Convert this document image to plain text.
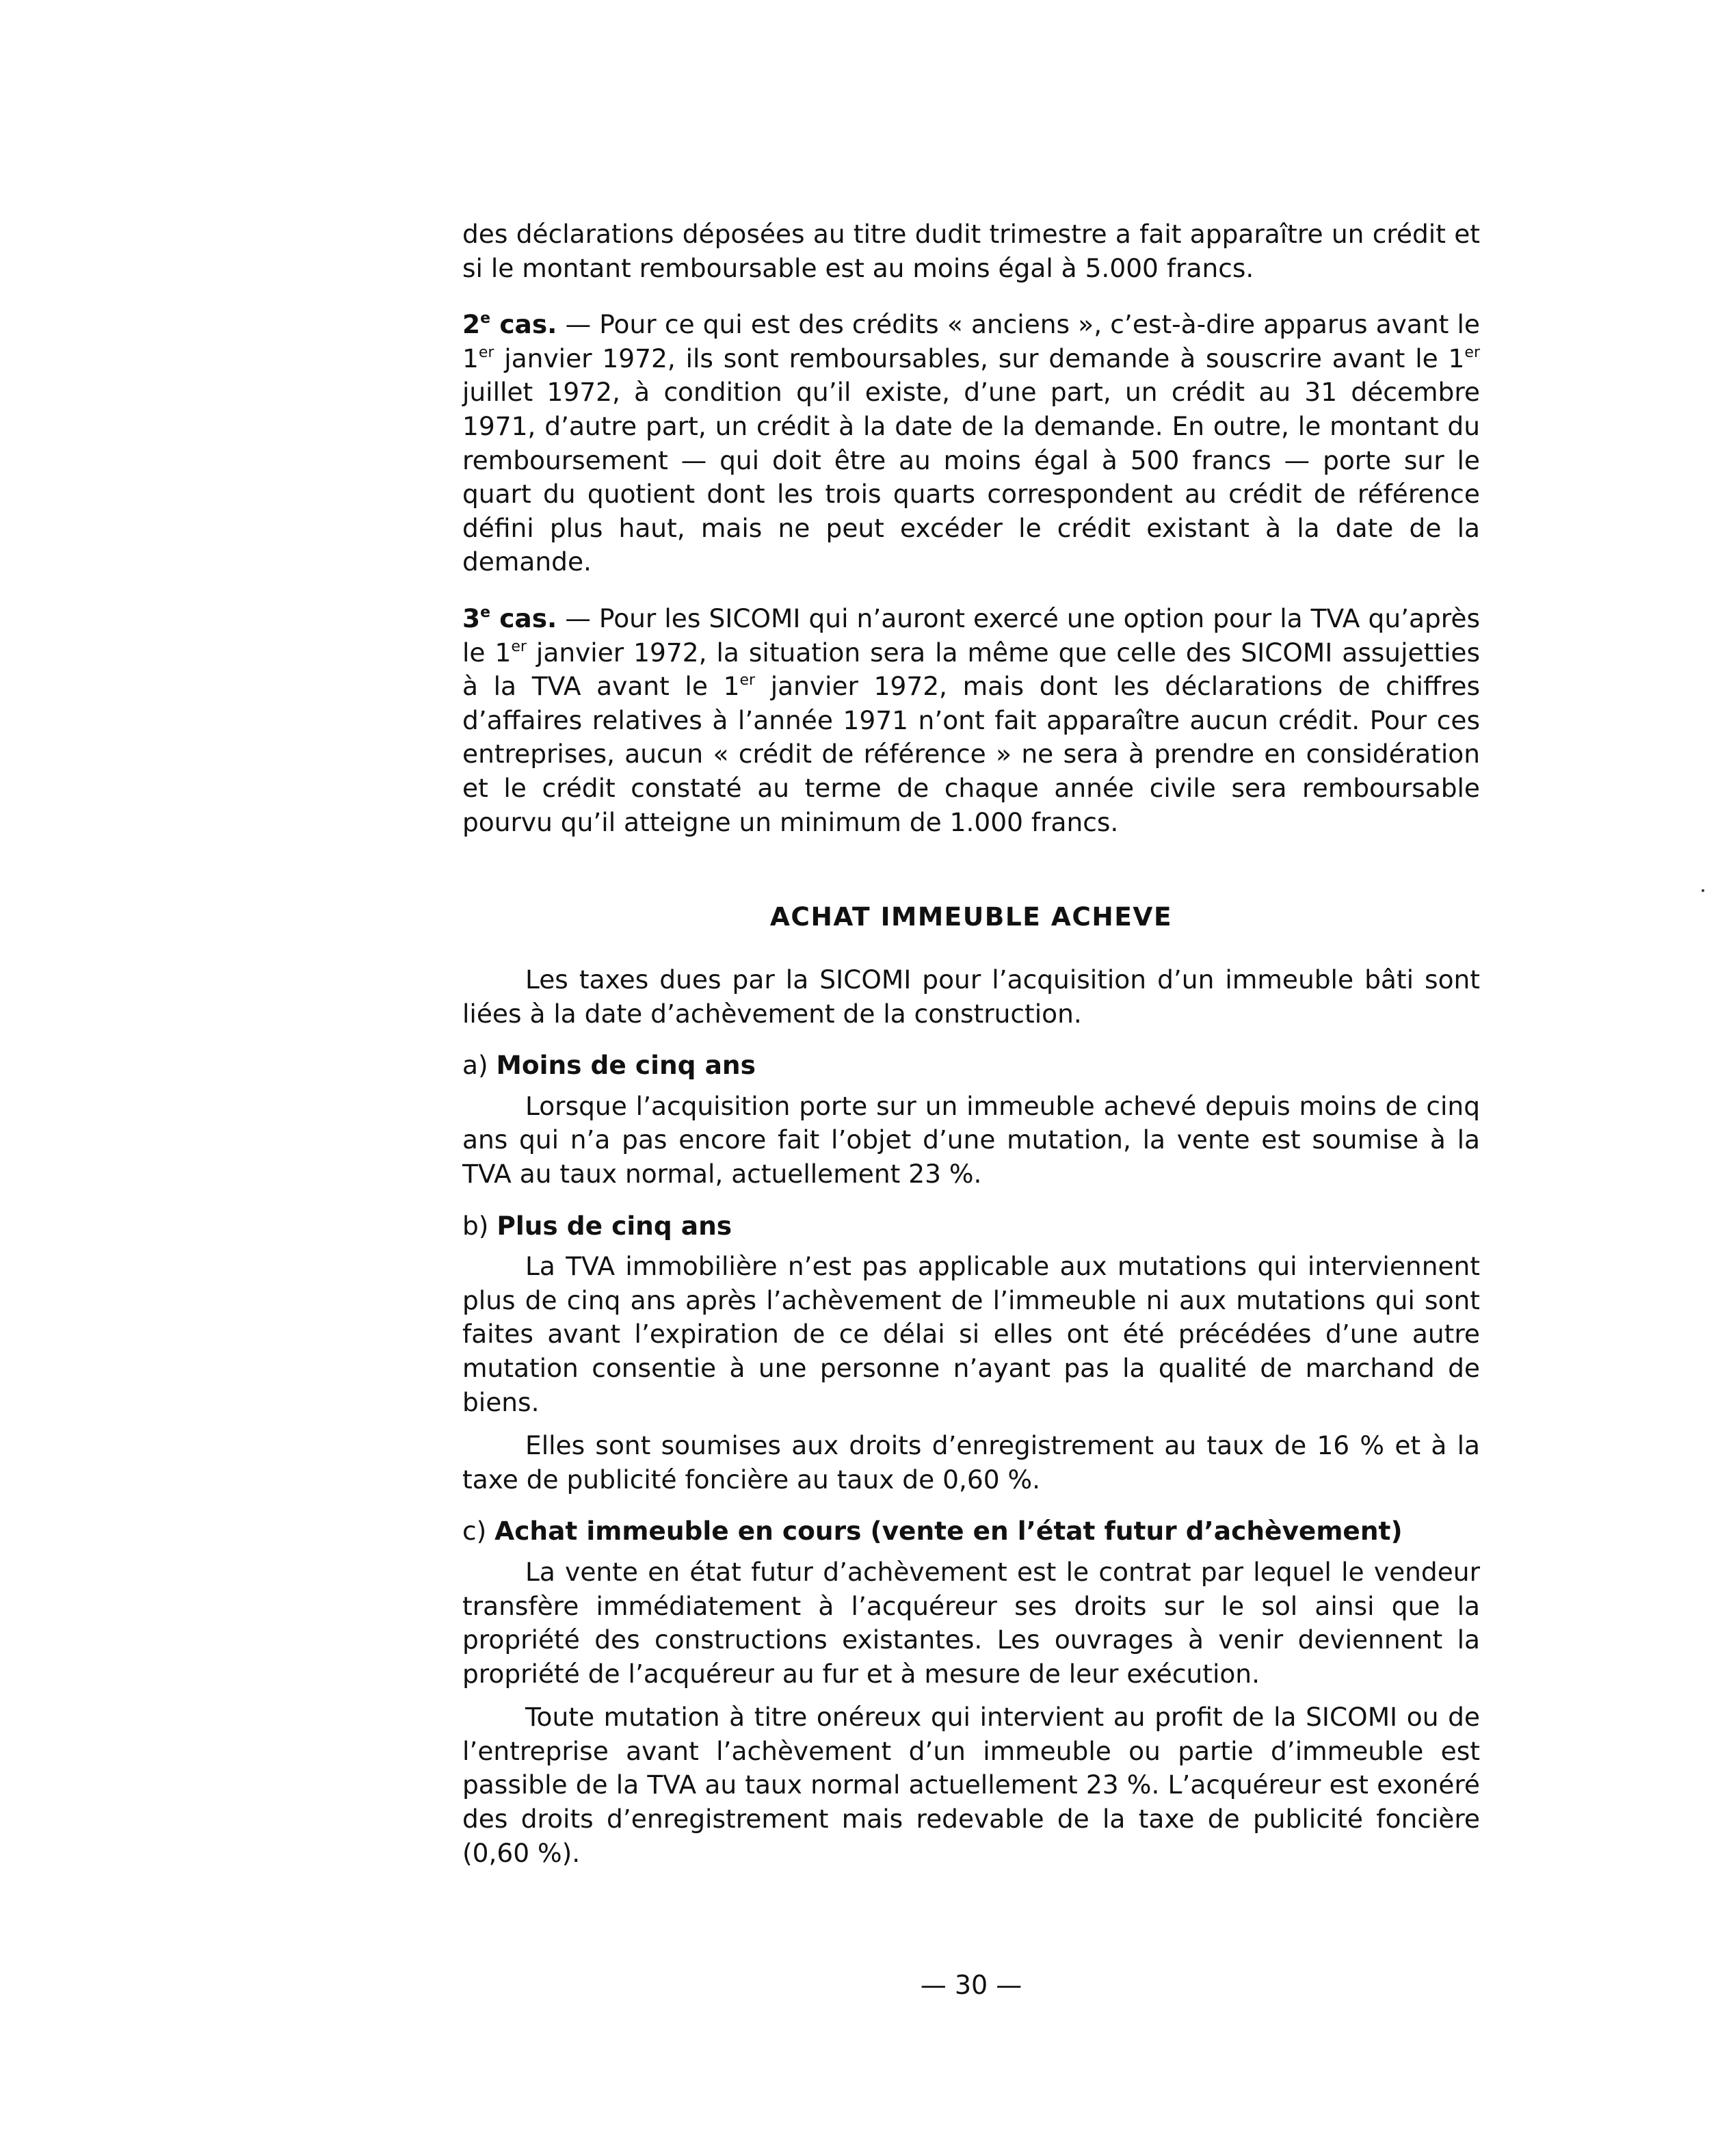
des déclarations déposées au titre dudit trimestre a fait apparaître un crédit et si le montant remboursable est au moins égal à 5.000 francs.

2e cas. — Pour ce qui est des crédits « anciens », c’est-à-dire apparus avant le 1er janvier 1972, ils sont remboursables, sur demande à souscrire avant le 1er juillet 1972, à condition qu’il existe, d’une part, un crédit au 31 décembre 1971, d’autre part, un crédit à la date de la demande. En outre, le montant du remboursement — qui doit être au moins égal à 500 francs — porte sur le quart du quotient dont les trois quarts correspondent au crédit de référence défini plus haut, mais ne peut excéder le crédit existant à la date de la demande.

3e cas. — Pour les SICOMI qui n’auront exercé une option pour la TVA qu’après le 1er janvier 1972, la situation sera la même que celle des SICOMI assujetties à la TVA avant le 1er janvier 1972, mais dont les déclarations de chiffres d’affaires relatives à l’année 1971 n’ont fait apparaître aucun crédit. Pour ces entreprises, aucun « crédit de référence » ne sera à prendre en considération et le crédit constaté au terme de chaque année civile sera remboursable pourvu qu’il atteigne un minimum de 1.000 francs.

ACHAT IMMEUBLE ACHEVE

Les taxes dues par la SICOMI pour l’acquisition d’un immeuble bâti sont liées à la date d’achèvement de la construction.

a) Moins de cinq ans

Lorsque l’acquisition porte sur un immeuble achevé depuis moins de cinq ans qui n’a pas encore fait l’objet d’une mutation, la vente est soumise à la TVA au taux normal, actuellement 23 %.

b) Plus de cinq ans

La TVA immobilière n’est pas applicable aux mutations qui interviennent plus de cinq ans après l’achèvement de l’immeuble ni aux mutations qui sont faites avant l’expiration de ce délai si elles ont été précédées d’une autre mutation consentie à une personne n’ayant pas la qualité de marchand de biens.

Elles sont soumises aux droits d’enregistrement au taux de 16 % et à la taxe de publicité foncière au taux de 0,60 %.

c) Achat immeuble en cours (vente en l’état futur d’achèvement)

La vente en état futur d’achèvement est le contrat par lequel le vendeur transfère immédiatement à l’acquéreur ses droits sur le sol ainsi que la propriété des constructions existantes. Les ouvrages à venir deviennent la propriété de l’acquéreur au fur et à mesure de leur exécution.

Toute mutation à titre onéreux qui intervient au profit de la SICOMI ou de l’entreprise avant l’achèvement d’un immeuble ou partie d’immeuble est passible de la TVA au taux normal actuellement 23 %. L’acquéreur est exonéré des droits d’enregistrement mais redevable de la taxe de publicité foncière (0,60 %).

— 30 —
